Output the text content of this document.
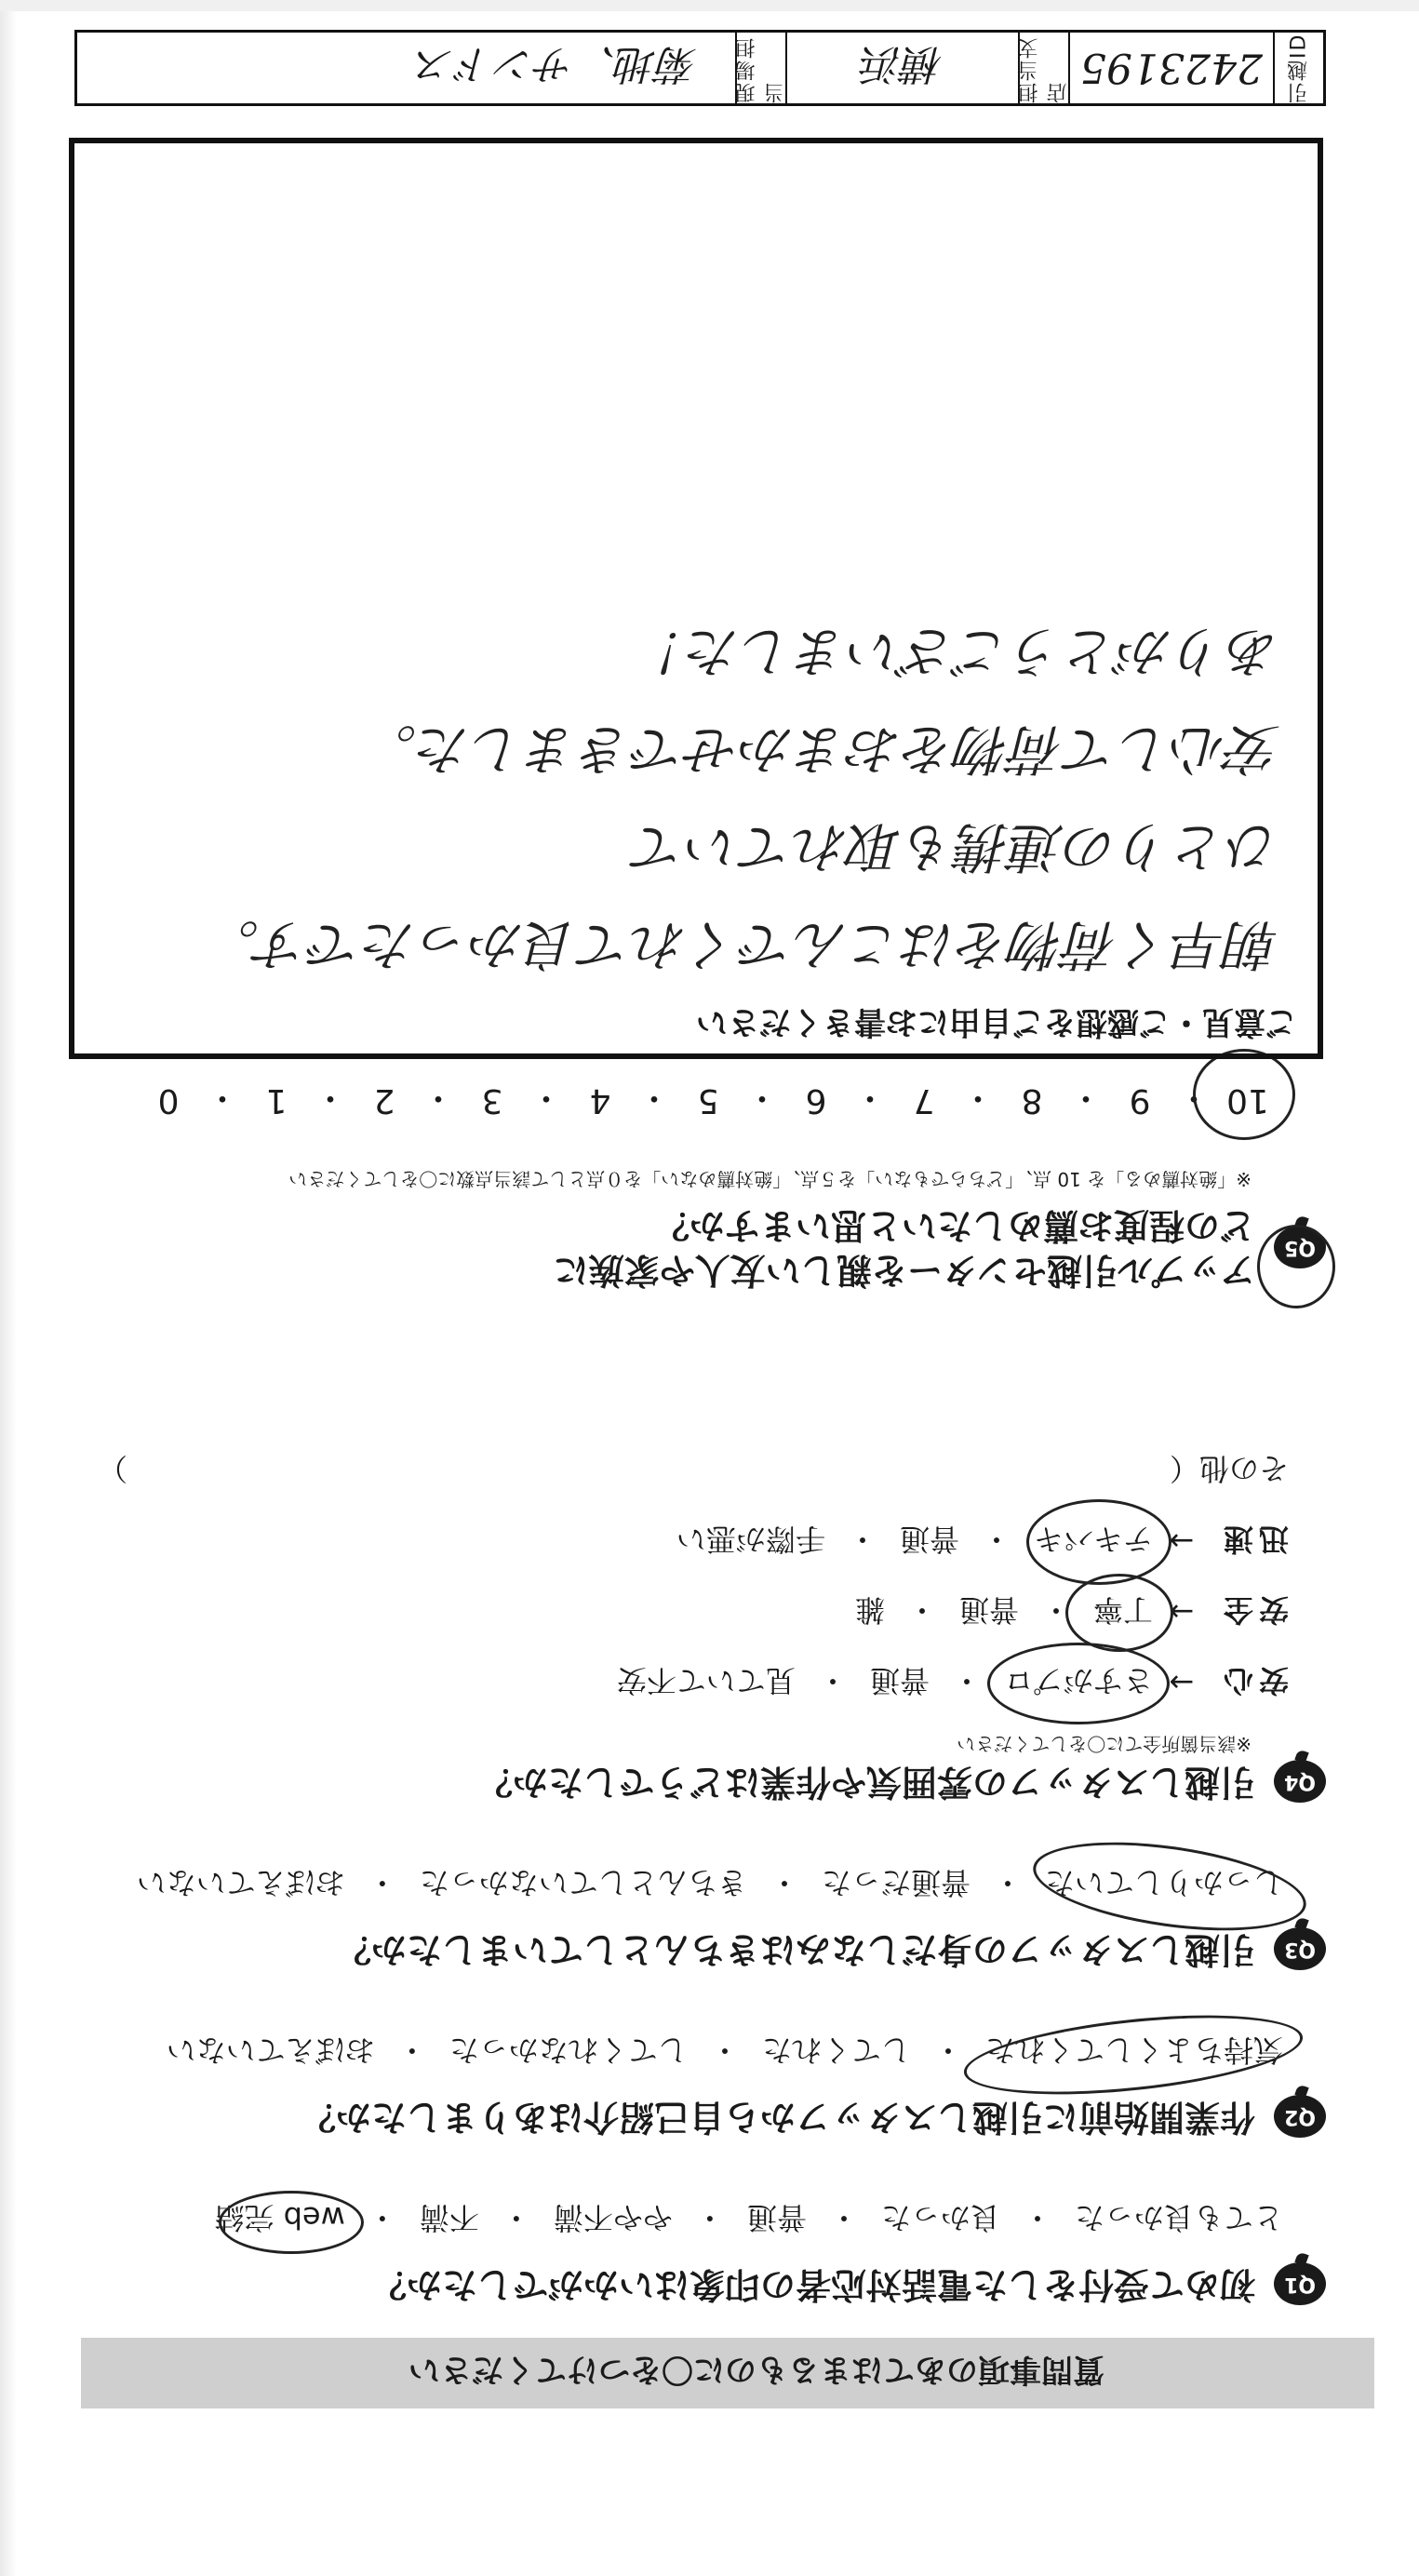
質問事項のあてはまるものに〇をつけてください
Q1
初めて受付をした電話対応者の印象はいかがでしたか？
とても良かった
・
良かった
・
普通
・
やや不満
・
不満
・
web 完結
Q2
作業開始前に引越しスタッフから自己紹介はありましたか？
気持ちよくしてくれた
・
してくれた
・
してくれなかった
・
おぼえていない
Q3
引越しスタッフの身だしなみはきちんとしていましたか？
しっかりしていた
・
普通だった
・
きちんとしていなかった
・
おぼえていない
Q4
引越しスタッフの雰囲気や作業はどうでしたか？
※該当箇所全てに〇をしてください
安心
→
さすがプロ
・
普通
・
見ていて不安
安全
→
丁寧
・
普通
・
雑
迅速
→
テキパキ
・
普通
・
手際が悪い
その他（
）
Q5
アップル引越センターを親しい友人や家族に
どの程度お薦めしたいと思いますか？
※「絶対薦める」を 10 点、「どちらでもない」を５点、「絶対薦めない」を０点として該当点数に〇をしてください
10
・
9
・
8
・
7
・
6
・
5
・
4
・
3
・
2
・
1
・
0
ご意見・ご感想をご自由にお書きください
朝早く荷物をはこんでくれて良かったです。
ひとりの連携も取れていて
安心して荷物をおまかせできました。
ありがとうございました！
引越ID
2423195
担当支店
横浜
現場担当
菊地、サンドス
